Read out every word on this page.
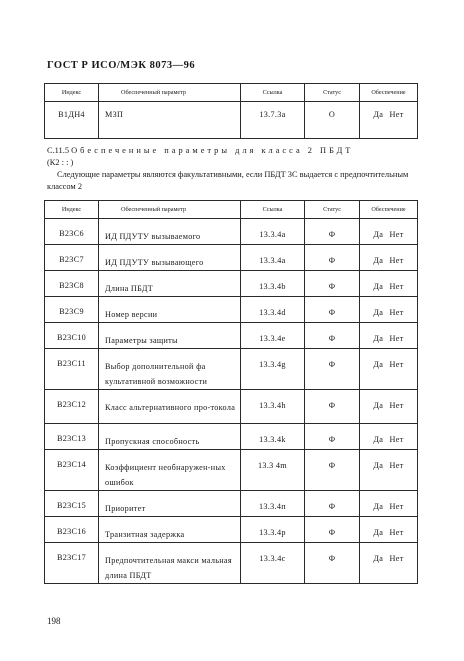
ГОСТ Р ИСО/МЭК 8073—96
Индекс	Обеспеченный параметр	Ссылка	Статус	Обеспечение
B1ДН4	МЗП	13.7.3а	О	Да Нет
С.11.5 Обеспеченные параметры для класса 2 ПБДТ
(К2 : : )
Следующие параметры являются факультативными, если ПБДТ 3С выдается с предпочтительным классом 2
Индекс	Обеспеченный параметр	Ссылка	Статус	Обеспечение
B23C6	ИД ПДУТУ вызываемого	13.3.4а	Ф	Да Нет
B23C7	ИД ПДУТУ вызывающего	13.3.4а	Ф	Да Нет
B23C8	Длина ПБДТ	13.3.4b	Ф	Да Нет
B23C9	Номер версии	13.3.4d	Ф	Да Нет
B23C10	Параметры защиты	13.3.4е	Ф	Да Нет
B23C11	Выбор дополнительной фа культативной возможности	13.3.4g	Ф	Да Нет
B23C12	Класс альтернативного про-токола	13.3.4h	Ф	Да Нет
B23C13	Пропускная способность	13.3.4k	Ф	Да Нет
B23C14	Коэффициент необнаружен-ных ошибок	13.3 4m	Ф	Да Нет
B23C15	Приоритет	13.3.4п	Ф	Да Нет
B23C16	Транзитная задержка	13.3.4р	Ф	Да Нет
B23C17	Предпочтительная макси мальная длина ПБДТ	13.3.4с	Ф	Да Нет
198
